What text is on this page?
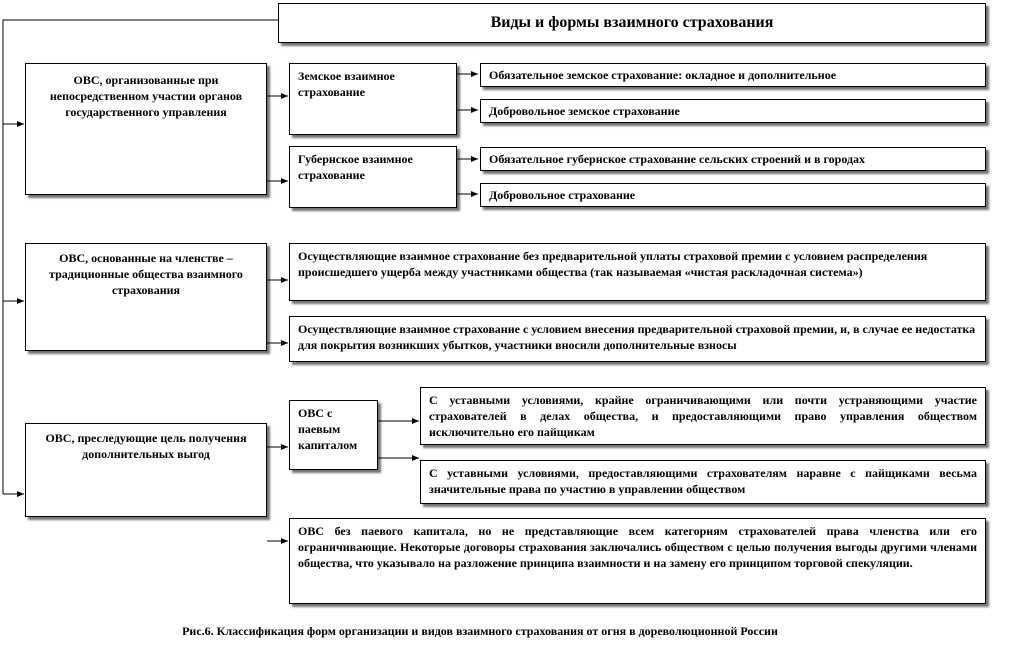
Виды и формы взаимного страхования
ОВС, организованные при непосредственном участии органов государственного управления
Земское взаимное страхование
Губернское взаимное страхование
Обязательное земское страхование: окладное и дополнительное
Добровольное земское страхование
Обязательное губернское страхование сельских строений и в городах
Добровольное страхование
ОВС, основанные на членстве – традиционные общества взаимного страхования
Осуществляющие взаимное страхование без предварительной уплаты страховой премии с условием распределения происшедшего ущерба между участниками общества (так называемая «чистая раскладочная система»)
Осуществляющие взаимное страхование с условием внесения предварительной страховой премии, и, в случае ее недостатка для покрытия возникших убытков, участники вносили дополнительные взносы
ОВС, преследующие цель получения дополнительных выгод
ОВС с паевым капиталом
С уставными условиями, крайне ограничивающими или почти устраняющими участие страхователей в делах общества, и предоставляющими право управления обществом исключительно его пайщикам
С уставными условиями, предоставляющими страхователям наравне с пайщиками весьма значительные права по участию в управлении обществом
ОВС без паевого капитала, но не представляющие всем категориям страхователей права членства или его ограничивающие. Некоторые договоры страхования заключались обществом с целью получения выгоды другими членами общества, что указывало на разложение принципа взаимности и на замену его принципом торговой спекуляции.
Рис.6. Классификация форм организации и видов взаимного страхования от огня в дореволюционной России
